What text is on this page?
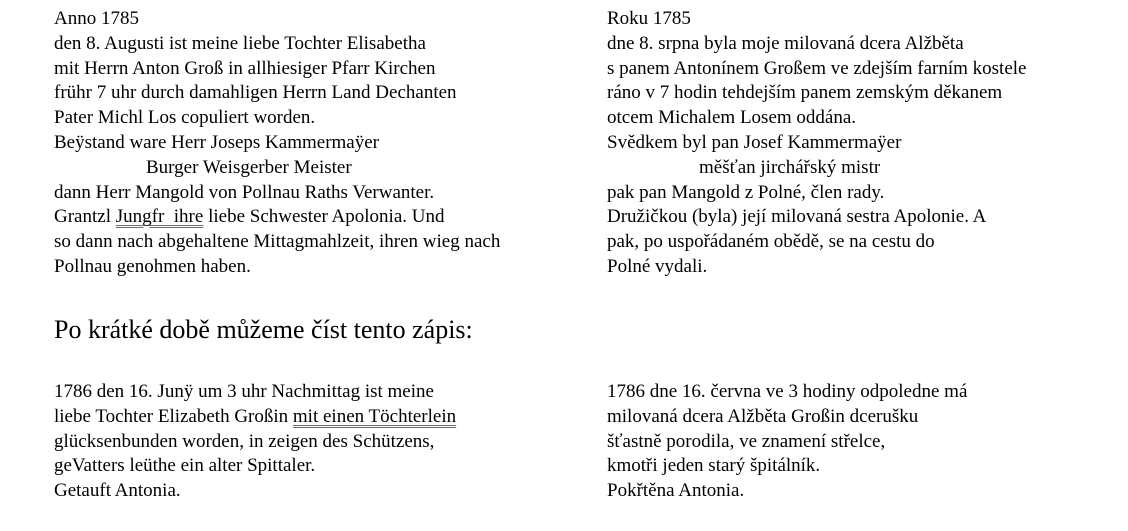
Anno 1785
den 8. Augusti ist meine liebe Tochter Elisabetha
mit Herrn Anton Groß in allhiesiger Pfarr Kirchen
frühr 7 uhr durch damahligen Herrn Land Dechanten
Pater Michl Los copuliert worden.
Beÿstand ware Herr Joseps Kammermaÿer
Burger Weisgerber Meister
dann Herr Mangold von Pollnau Raths Verwanter.
Grantzl Jungfr  ihre liebe Schwester Apolonia. Und
so dann nach abgehaltene Mittagmahlzeit, ihren wieg nach
Pollnau genohmen haben.
Roku 1785
dne 8. srpna byla moje milovaná dcera Alžběta
s panem Antonínem Großem ve zdejším farním kostele
ráno v 7 hodin tehdejším panem zemským děkanem
otcem Michalem Losem oddána.
Svědkem byl pan Josef Kammermaÿer
měšťan jirchářský mistr
pak pan Mangold z Polné, člen rady.
Družičkou (byla) její milovaná sestra Apolonie. A
pak, po uspořádaném obědě, se na cestu do
Polné vydali.
Po krátké době můžeme číst tento zápis:
1786 den 16. Junÿ um 3 uhr Nachmittag ist meine
liebe Tochter Elizabeth Großin mit einen Töchterlein
glücksenbunden worden, in zeigen des Schützens,
geVatters leüthe ein alter Spittaler.
Getauft Antonia.
1786 dne 16. června ve 3 hodiny odpoledne má
milovaná dcera Alžběta Großin dcerušku
šťastně porodila, ve znamení střelce,
kmotři jeden starý špitálník.
Pokřtěna Antonia.
